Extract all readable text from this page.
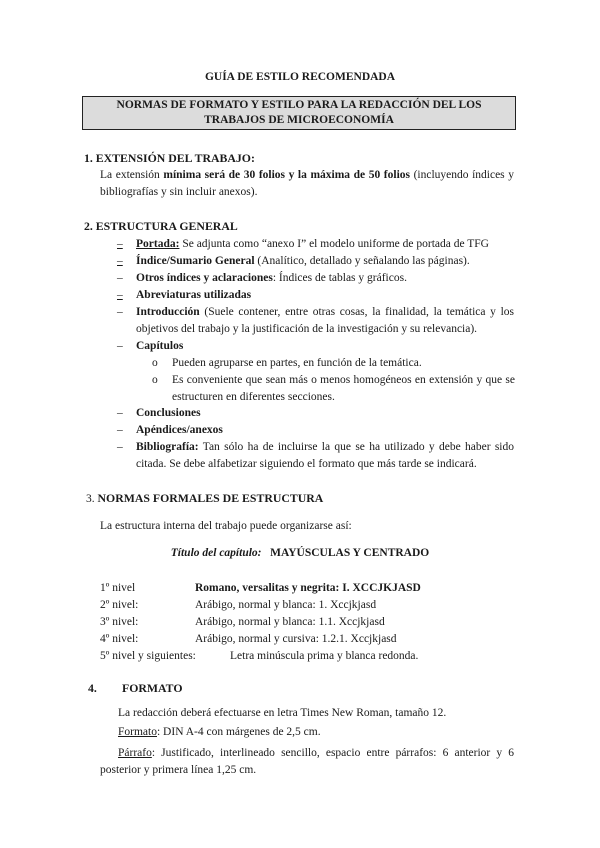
GUÍA DE ESTILO RECOMENDADA
NORMAS DE FORMATO Y ESTILO PARA LA REDACCIÓN DEL LOS
TRABAJOS DE MICROECONOMÍA
1. EXTENSIÓN DEL TRABAJO:
La extensión mínima será de 30 folios y la máxima de 50 folios (incluyendo índices y bibliografías y sin incluir anexos).
2. ESTRUCTURA GENERAL
–	Portada: Se adjunta como “anexo I” el modelo uniforme de portada de TFG
–	Índice/Sumario General (Analítico, detallado y señalando las páginas).
–	Otros índices y aclaraciones: Índices de tablas y gráficos.
–	Abreviaturas utilizadas
–	Introducción (Suele contener, entre otras cosas, la finalidad, la temática y los objetivos del trabajo y la justificación de la investigación y su relevancia).
–	Capítulos
o Pueden agruparse en partes, en función de la temática.
o Es conveniente que sean más o menos homogéneos en extensión y que se estructuren en diferentes secciones.
–	Conclusiones
–	Apéndices/anexos
–	Bibliografía: Tan sólo ha de incluirse la que se ha utilizado y debe haber sido citada. Se debe alfabetizar siguiendo el formato que más tarde se indicará.
3. NORMAS FORMALES DE ESTRUCTURA
La estructura interna del trabajo puede organizarse así:
Título del capítulo: MAYÚSCULAS Y CENTRADO
1º nivel	Romano, versalitas y negrita: I. XCCJKJASD
2º nivel:	Arábigo, normal y blanca: 1. Xccjkjasd
3º nivel:	Arábigo, normal y blanca: 1.1. Xccjkjasd
4º nivel:	Arábigo, normal y cursiva: 1.2.1. Xccjkjasd
5º nivel y siguientes:	Letra minúscula prima y blanca redonda.
4. FORMATO
La redacción deberá efectuarse en letra Times New Roman, tamaño 12.
Formato: DIN A-4 con márgenes de 2,5 cm.
Párrafo: Justificado, interlineado sencillo, espacio entre párrafos: 6 anterior y 6 posterior y primera línea 1,25 cm.
